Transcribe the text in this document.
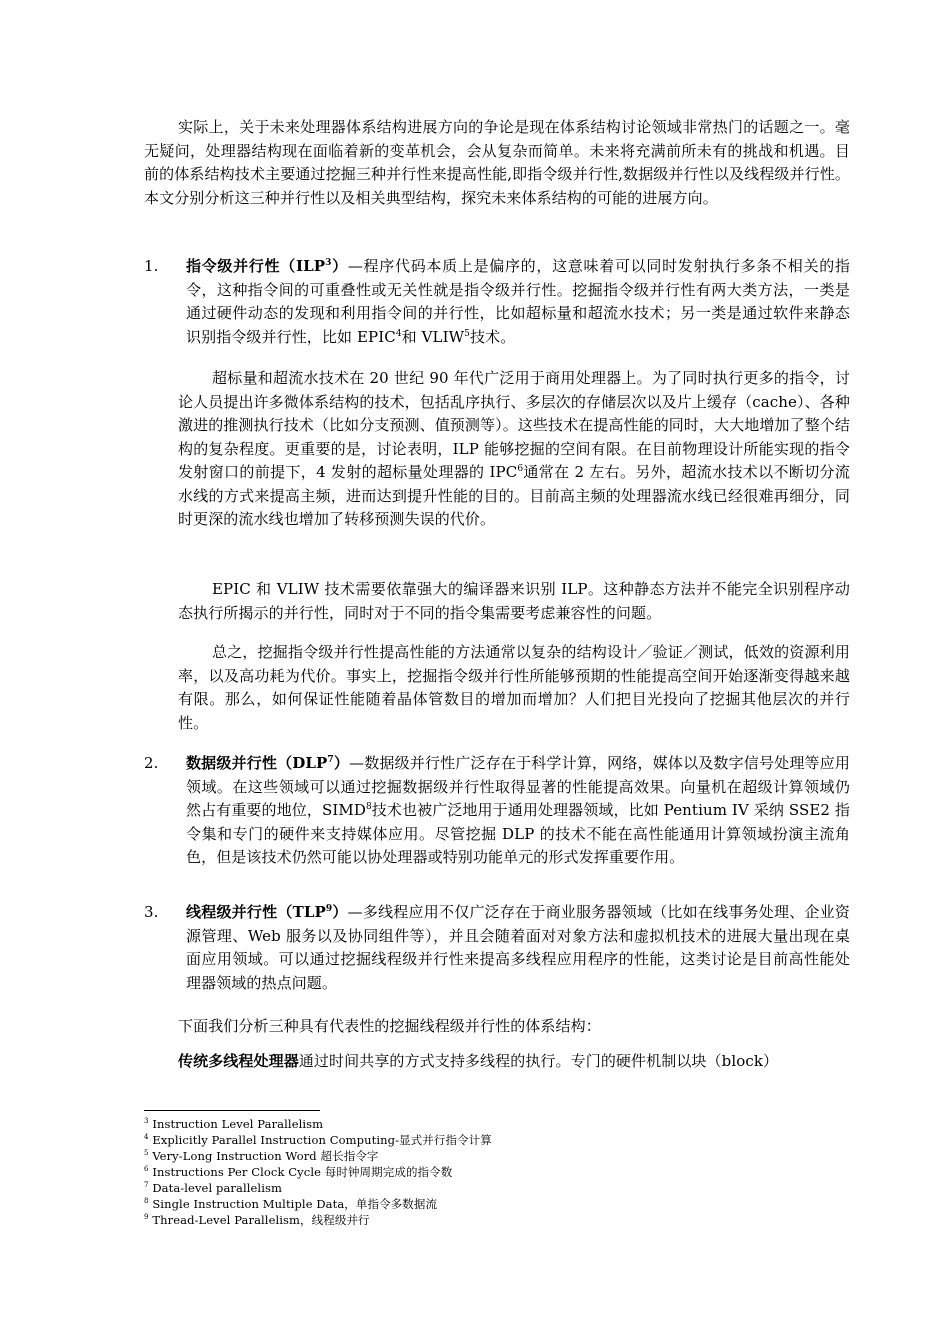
实际上，关于未来处理器体系结构进展方向的争论是现在体系结构讨论领域非常热门的话题之一。毫无疑问，处理器结构现在面临着新的变革机会，会从复杂而简单。未来将充满前所未有的挑战和机遇。目前的体系结构技术主要通过挖掘三种并行性来提高性能,即指令级并行性,数据级并行性以及线程级并行性。本文分别分析这三种并行性以及相关典型结构，探究未来体系结构的可能的进展方向。

1.	指令级并行性（ILP$^3$）—程序代码本质上是偏序的，这意味着可以同时发射执行多条不相关的指令，这种指令间的可重叠性或无关性就是指令级并行性。挖掘指令级并行性有两大类方法，一类是通过硬件动态的发现和利用指令间的并行性，比如超标量和超流水技术；另一类是通过软件来静态识别指令级并行性，比如 EPIC$^4$和 VLIW$^5$技术。

超标量和超流水技术在 20 世纪 90 年代广泛用于商用处理器上。为了同时执行更多的指令，讨论人员提出许多微体系结构的技术，包括乱序执行、多层次的存储层次以及片上缓存（cache）、各种激进的推测执行技术（比如分支预测、值预测等）。这些技术在提高性能的同时，大大地增加了整个结构的复杂程度。更重要的是，讨论表明，ILP 能够挖掘的空间有限。在目前物理设计所能实现的指令发射窗口的前提下，4 发射的超标量处理器的 IPC$^6$通常在 2 左右。另外，超流水技术以不断切分流水线的方式来提高主频，进而达到提升性能的目的。目前高主频的处理器流水线已经很难再细分，同时更深的流水线也增加了转移预测失误的代价。

EPIC 和 VLIW 技术需要依靠强大的编译器来识别 ILP。这种静态方法并不能完全识别程序动态执行所揭示的并行性，同时对于不同的指令集需要考虑兼容性的问题。

总之，挖掘指令级并行性提高性能的方法通常以复杂的结构设计／验证／测试，低效的资源利用率，以及高功耗为代价。事实上，挖掘指令级并行性所能够预期的性能提高空间开始逐渐变得越来越有限。那么，如何保证性能随着晶体管数目的增加而增加？人们把目光投向了挖掘其他层次的并行性。

2.	数据级并行性（DLP$^7$）—数据级并行性广泛存在于科学计算，网络，媒体以及数字信号处理等应用领域。在这些领域可以通过挖掘数据级并行性取得显著的性能提高效果。向量机在超级计算领域仍然占有重要的地位，SIMD$^8$技术也被广泛地用于通用处理器领域，比如 Pentium IV 采纳 SSE2 指令集和专门的硬件来支持媒体应用。尽管挖掘 DLP 的技术不能在高性能通用计算领域扮演主流角色，但是该技术仍然可能以协处理器或特别功能单元的形式发挥重要作用。

3.	线程级并行性（TLP$^9$）—多线程应用不仅广泛存在于商业服务器领域（比如在线事务处理、企业资源管理、Web 服务以及协同组件等），并且会随着面对对象方法和虚拟机技术的进展大量出现在桌面应用领域。可以通过挖掘线程级并行性来提高多线程应用程序的性能，这类讨论是目前高性能处理器领域的热点问题。

下面我们分析三种具有代表性的挖掘线程级并行性的体系结构：

传统多线程处理器通过时间共享的方式支持多线程的执行。专门的硬件机制以块（block）

$^3$ Instruction Level Parallelism
$^4$ Explicitly Parallel Instruction Computing-显式并行指令计算
$^5$ Very-Long Instruction Word 超长指令字
$^6$ Instructions Per Clock Cycle 每时钟周期完成的指令数
$^7$ Data-level parallelism
$^8$ Single Instruction Multiple Data，单指令多数据流
$^9$ Thread-Level Parallelism，线程级并行
